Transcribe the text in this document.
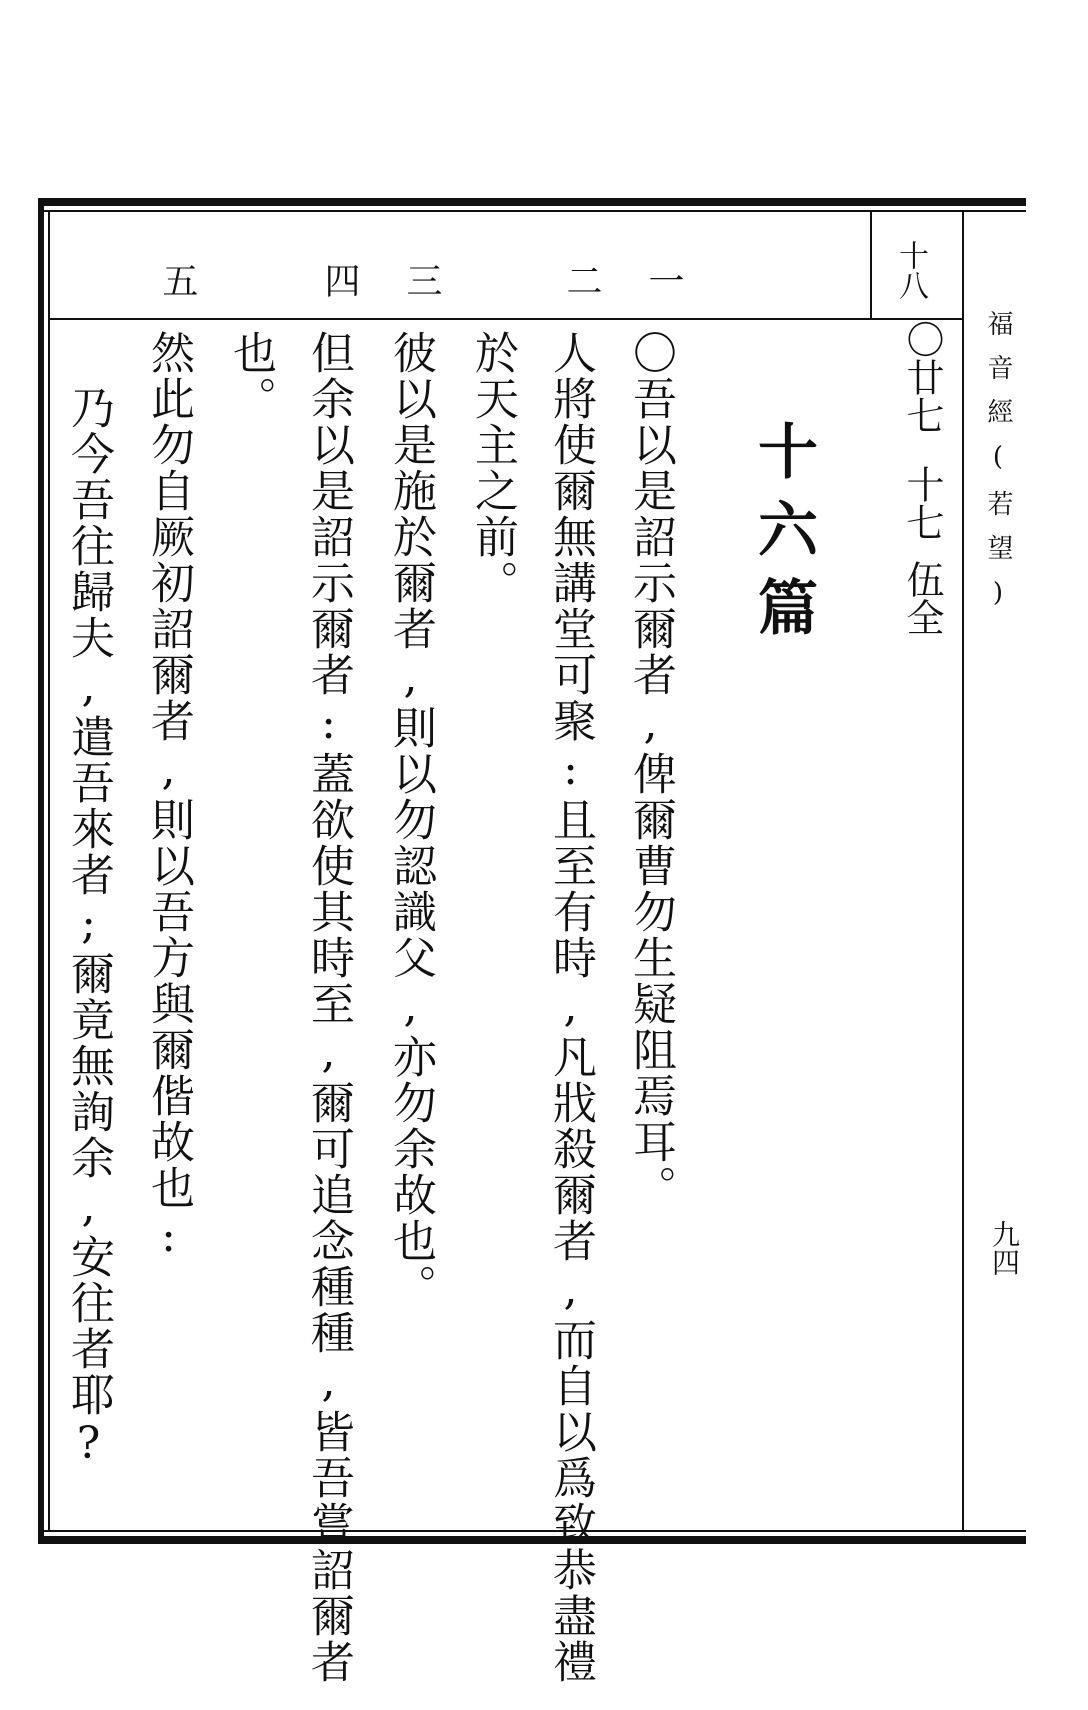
福音經(若望)
九四
十八
〇廿七
十七
伍全
十六篇
一
二
三
四
五
〇吾以是詔示爾者,俾爾曹勿生疑阻焉耳。
人將使爾無講堂可聚:且至有時,凡戕殺爾者,而自以爲致恭盡禮
於天主之前。
彼以是施於爾者,則以勿認識父,亦勿余故也。
但余以是詔示爾者:蓋欲使其時至,爾可追念種種,皆吾嘗詔爾者
也。
然此勿自厥初詔爾者,則以吾方與爾偕故也:
乃今吾往歸夫,遣吾來者;爾竟無詢余,安往者耶?
